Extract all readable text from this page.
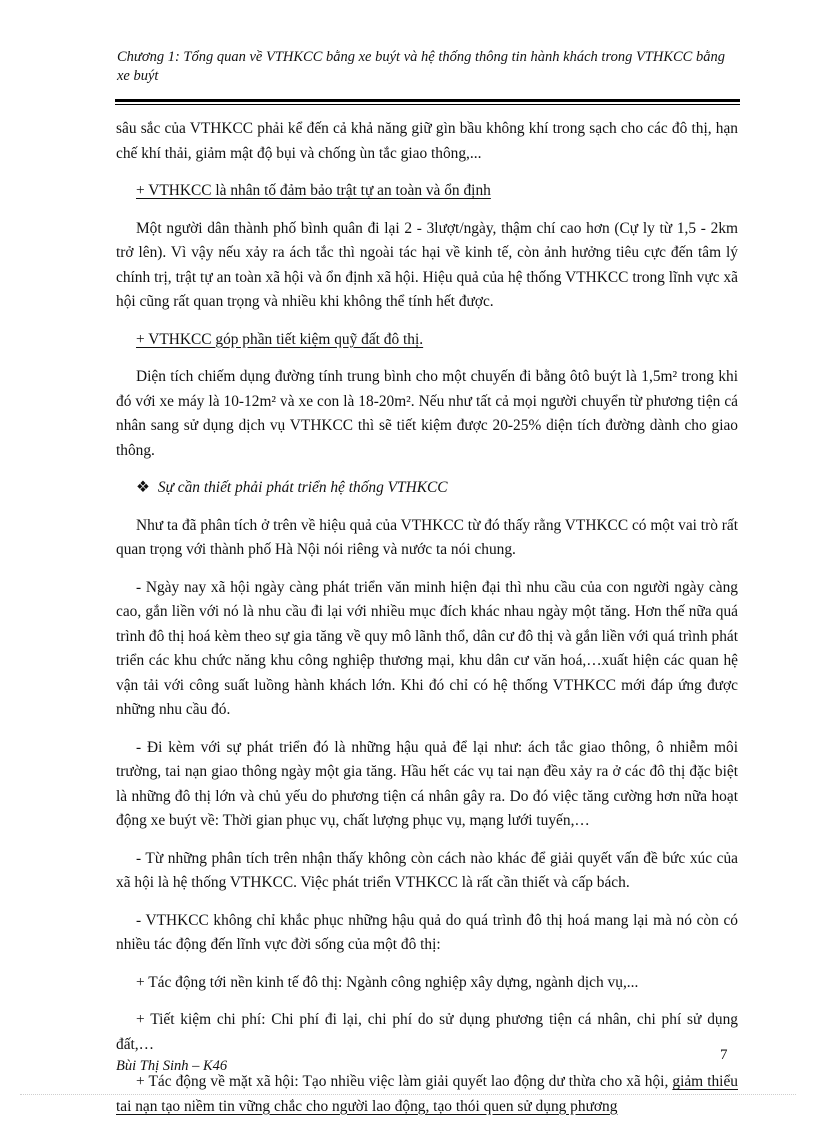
Chương 1: Tổng quan về VTHKCC bằng xe buýt và hệ thống thông tin hành khách trong VTHKCC bằng xe buýt

sâu sắc của VTHKCC phải kể đến cả khả năng giữ gìn bầu không khí trong sạch cho các đô thị, hạn chế khí thải, giảm mật độ bụi và chống ùn tắc giao thông,...

+ VTHKCC là nhân tố đảm bảo trật tự an toàn và ổn định

Một người dân thành phố bình quân đi lại 2 - 3lượt/ngày, thậm chí cao hơn (Cự ly từ 1,5 - 2km trở lên). Vì vậy nếu xảy ra ách tắc thì ngoài tác hại về kinh tế, còn ảnh hưởng tiêu cực đến tâm lý chính trị, trật tự an toàn xã hội và ổn định xã hội. Hiệu quả của hệ thống VTHKCC trong lĩnh vực xã hội cũng rất quan trọng và nhiều khi không thể tính hết được.

+ VTHKCC góp phần tiết kiệm quỹ đất đô thị.

Diện tích chiếm dụng đường tính trung bình cho một chuyến đi bằng ôtô buýt là 1,5m² trong khi đó với xe máy là 10-12m² và xe con là 18-20m². Nếu như tất cả mọi người chuyển từ phương tiện cá nhân sang sử dụng dịch vụ VTHKCC thì sẽ tiết kiệm được 20-25% diện tích đường dành cho giao thông.

❖ Sự cần thiết phải phát triển hệ thống VTHKCC

Như ta đã phân tích ở trên về hiệu quả của VTHKCC từ đó thấy rằng VTHKCC có một vai trò rất quan trọng với thành phố Hà Nội nói riêng và nước ta nói chung.

- Ngày nay xã hội ngày càng phát triển văn minh hiện đại thì nhu cầu của con người ngày càng cao, gắn liền với nó là nhu cầu đi lại với nhiều mục đích khác nhau ngày một tăng. Hơn thế nữa quá trình đô thị hoá kèm theo sự gia tăng về quy mô lãnh thổ, dân cư đô thị và gắn liền với quá trình phát triển các khu chức năng khu công nghiệp thương mại, khu dân cư văn hoá,…xuất hiện các quan hệ vận tải với công suất luồng hành khách lớn. Khi đó chỉ có hệ thống VTHKCC mới đáp ứng được những nhu cầu đó.

- Đi kèm với sự phát triển đó là những hậu quả để lại như: ách tắc giao thông, ô nhiễm môi trường, tai nạn giao thông ngày một gia tăng. Hầu hết các vụ tai nạn đều xảy ra ở các đô thị đặc biệt là những đô thị lớn và chủ yếu do phương tiện cá nhân gây ra. Do đó việc tăng cường hơn nữa hoạt động xe buýt về: Thời gian phục vụ, chất lượng phục vụ, mạng lưới tuyến,…

- Từ những phân tích trên nhận thấy không còn cách nào khác để giải quyết vấn đề bức xúc của xã hội là hệ thống VTHKCC. Việc phát triển VTHKCC là rất cần thiết và cấp bách.

- VTHKCC không chỉ khắc phục những hậu quả do quá trình đô thị hoá mang lại mà nó còn có nhiều tác động đến lĩnh vực đời sống của một đô thị:

+ Tác động tới nền kinh tế đô thị: Ngành công nghiệp xây dựng, ngành dịch vụ,...

+ Tiết kiệm chi phí: Chi phí đi lại, chi phí do sử dụng phương tiện cá nhân, chi phí sử dụng đất,…

+ Tác động về mặt xã hội: Tạo nhiều việc làm giải quyết lao động dư thừa cho xã hội, giảm thiểu tai nạn tạo niềm tin vững chắc cho người lao động, tạo thói quen sử dụng phương

7
Bùi Thị Sinh – K46
